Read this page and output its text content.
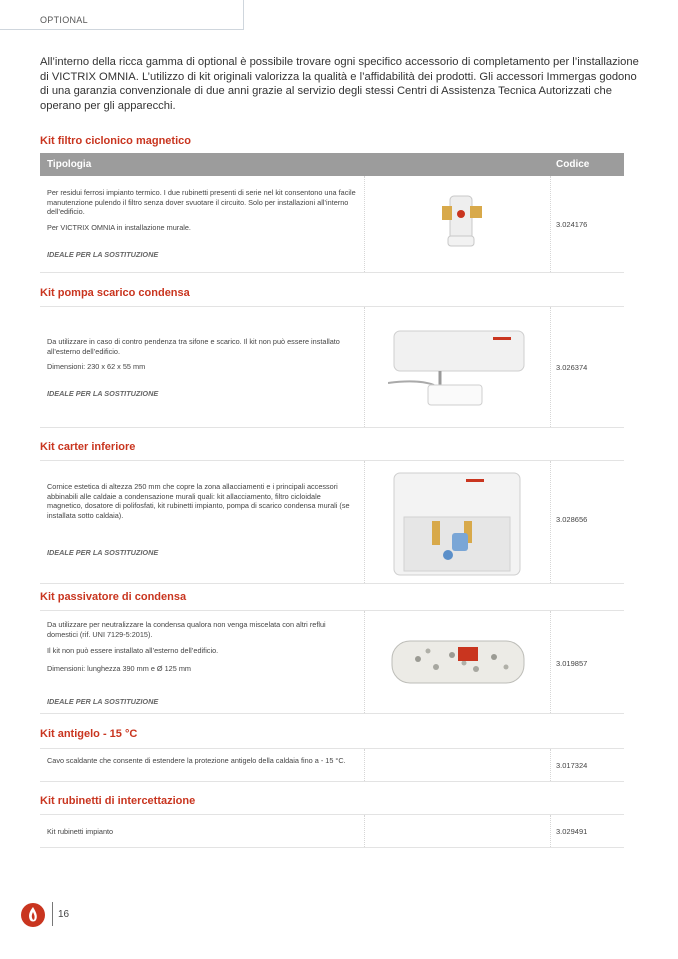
OPTIONAL

All’interno della ricca gamma di optional è possibile trovare ogni specifico accessorio di completamento per l’installazione di VICTRIX OMNIA. L’utilizzo di kit originali valorizza la qualità e l’affidabilità dei prodotti. Gli accessori Immergas godono di una garanzia convenzionale di due anni grazie al servizio degli stessi Centri di Assistenza Tecnica Autorizzati che operano per gli apparecchi.

Kit filtro ciclonico magnetico
Tipologia	Codice

Per residui ferrosi impianto termico. I due rubinetti presenti di serie nel kit consentono una facile manutenzione pulendo il filtro senza dover svuotare il circuito. Solo per installazioni all’interno dell’edificio.

Per VICTRIX OMNIA in installazione murale.

IDEALE PER LA SOSTITUZIONE
3.024176
Kit pompa scarico condensa

Da utilizzare in caso di contro pendenza tra sifone e scarico. Il kit non può essere installato all’esterno dell’edificio.

Dimensioni: 230 x 62 x 55 mm

IDEALE PER LA SOSTITUZIONE
3.026374
Kit carter inferiore

Cornice estetica di altezza 250 mm che copre la zona allacciamenti e i principali accessori abbinabili alle caldaie a condensazione murali quali: kit allacciamento, filtro cicloidale magnetico, dosatore di polifosfati, kit rubinetti impianto, pompa di scarico condensa murali (se installata sotto caldaia).

IDEALE PER LA SOSTITUZIONE
3.028656
Kit passivatore di condensa

Da utilizzare per neutralizzare la condensa qualora non venga miscelata con altri reflui domestici (rif. UNI 7129-5:2015).

Il kit non può essere installato all’esterno dell’edificio.

Dimensioni: lunghezza 390 mm e Ø 125 mm

IDEALE PER LA SOSTITUZIONE
3.019857
Kit antigelo - 15 °C

Cavo scaldante che consente di estendere la protezione antigelo della caldaia fino a - 15 °C.

3.017324
Kit rubinetti di intercettazione

Kit rubinetti impianto	3.029491
16
